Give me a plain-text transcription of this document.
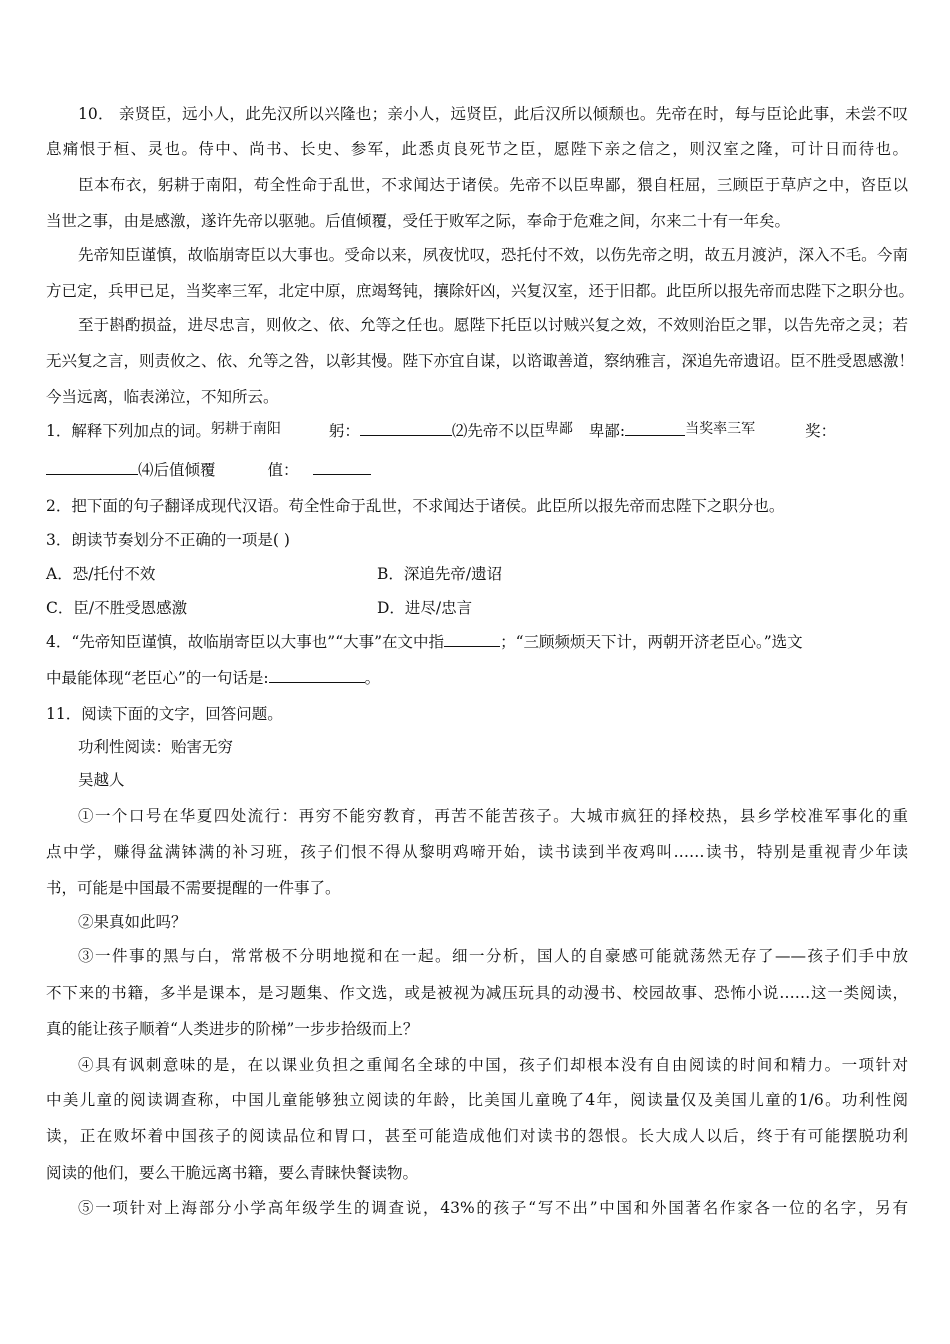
10． 亲贤臣，远小人，此先汉所以兴隆也；亲小人，远贤臣，此后汉所以倾颓也。先帝在时，每与臣论此事，未尝不叹
息痛恨于桓、灵也。侍中、尚书、长史、参军，此悉贞良死节之臣，愿陛下亲之信之，则汉室之隆，可计日而待也。
臣本布衣，躬耕于南阳，苟全性命于乱世，不求闻达于诸侯。先帝不以臣卑鄙，猥自枉屈，三顾臣于草庐之中，咨臣以
当世之事，由是感激，遂许先帝以驱驰。后值倾覆，受任于败军之际，奉命于危难之间，尔来二十有一年矣。
先帝知臣谨慎，故临崩寄臣以大事也。受命以来，夙夜忧叹，恐托付不效，以伤先帝之明，故五月渡泸，深入不毛。今南
方已定，兵甲已足，当奖率三军，北定中原，庶竭驽钝，攘除奸凶，兴复汉室，还于旧都。此臣所以报先帝而忠陛下之职分也。
至于斟酌损益，进尽忠言，则攸之、依、允等之任也。愿陛下托臣以讨贼兴复之效，不效则治臣之罪，以告先帝之灵；若
无兴复之言，则责攸之、依、允等之咎，以彰其慢。陛下亦宜自谋，以谘诹善道，察纳雅言，深追先帝遗诏。臣不胜受恩感激！
今当远离，临表涕泣，不知所云。
1．解释下列加点的词。躬耕于南阳	躬：	⑵先帝不以臣卑鄙 卑鄙:	当奖率三军	奖：
⑷后值倾覆	值：
2．把下面的句子翻译成现代汉语。苟全性命于乱世，不求闻达于诸侯。此臣所以报先帝而忠陛下之职分也。
3．朗读节奏划分不正确的一项是( )
A．恐/托付不效	B．深追先帝/遗诏
C．臣/不胜受恩感激	D．进尽/忠言
4．“先帝知臣谨慎，故临崩寄臣以大事也”“大事”在文中指	；“三顾频烦天下计，两朝开济老臣心。”选文
中最能体现“老臣心”的一句话是:	。
11．阅读下面的文字，回答问题。
功利性阅读：贻害无穷
吴越人
①一个口号在华夏四处流行：再穷不能穷教育，再苦不能苦孩子。大城市疯狂的择校热，县乡学校准军事化的重
点中学，赚得盆满钵满的补习班，孩子们恨不得从黎明鸡啼开始，读书读到半夜鸡叫……读书，特别是重视青少年读
书，可能是中国最不需要提醒的一件事了。
②果真如此吗？
③一件事的黑与白，常常极不分明地搅和在一起。细一分析，国人的自豪感可能就荡然无存了——孩子们手中放
不下来的书籍，多半是课本，是习题集、作文选，或是被视为减压玩具的动漫书、校园故事、恐怖小说……这一类阅读，
真的能让孩子顺着“人类进步的阶梯”一步步拾级而上？
④具有讽刺意味的是，在以课业负担之重闻名全球的中国，孩子们却根本没有自由阅读的时间和精力。一项针对
中美儿童的阅读调查称，中国儿童能够独立阅读的年龄，比美国儿童晚了4年，阅读量仅及美国儿童的1/6。功利性阅
读，正在败坏着中国孩子的阅读品位和胃口，甚至可能造成他们对读书的怨恨。长大成人以后，终于有可能摆脱功利
阅读的他们，要么干脆远离书籍，要么青睐快餐读物。
⑤一项针对上海部分小学高年级学生的调查说，43%的孩子“写不出”中国和外国著名作家各一位的名字，另有
